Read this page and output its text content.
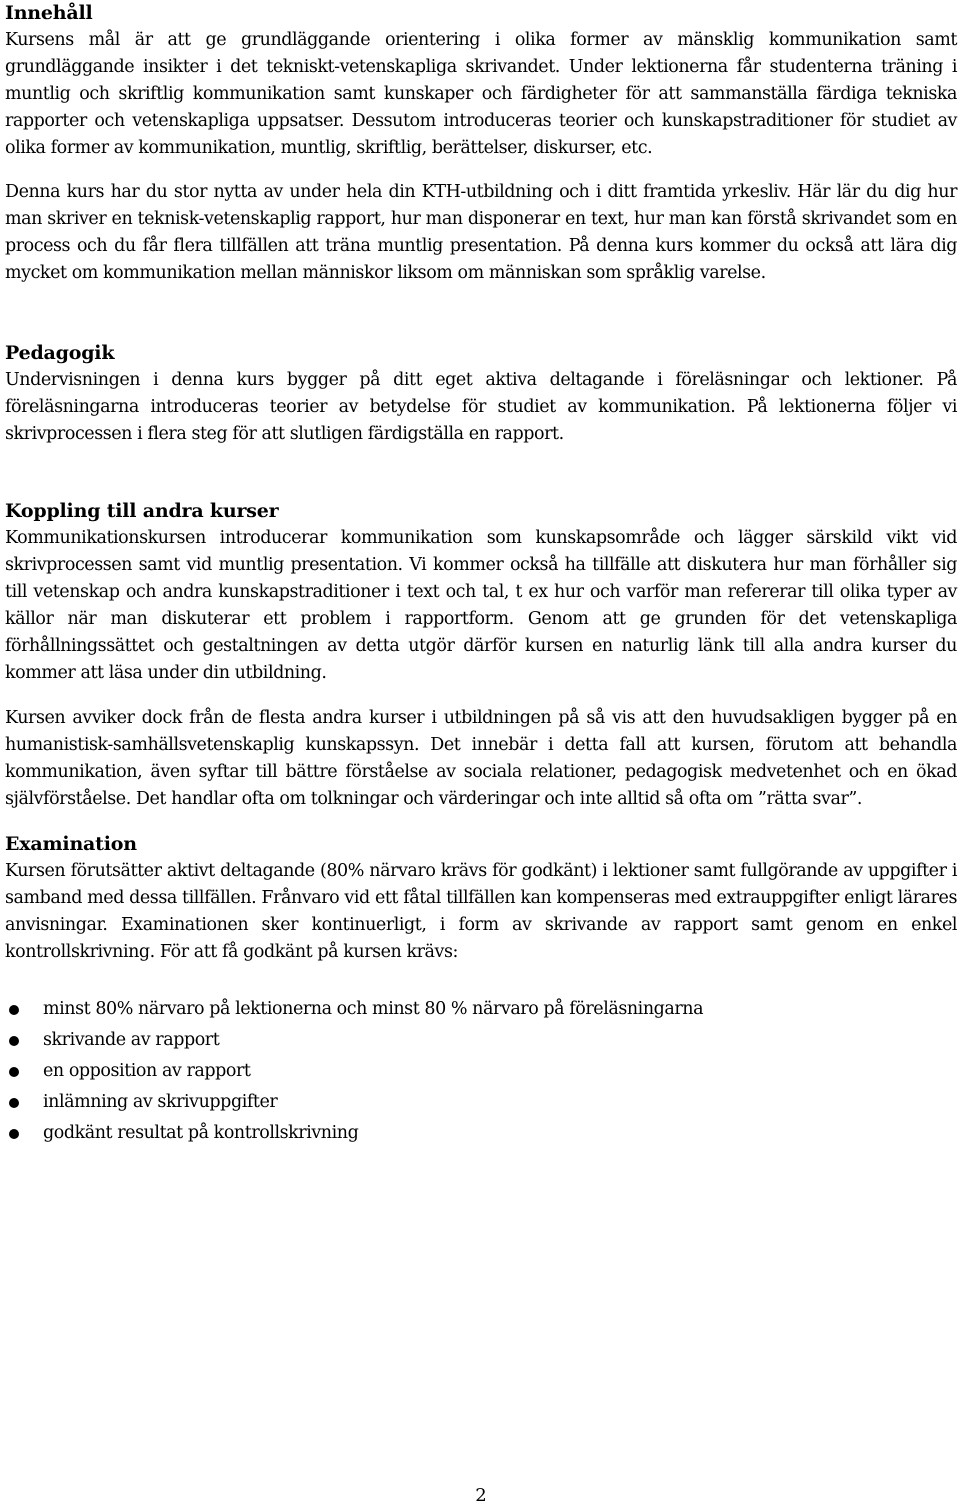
Innehåll

Kursens mål är att ge grundläggande orientering i olika former av mänsklig kommunikation samt grundläggande insikter i det tekniskt-vetenskapliga skrivandet. Under lektionerna får studenterna träning i muntlig och skriftlig kommunikation samt kunskaper och färdigheter för att sammanställa färdiga tekniska rapporter och vetenskapliga uppsatser. Dessutom introduceras teorier och kunskapstraditioner för studiet av olika former av kommunikation, muntlig, skriftlig, berättelser, diskurser, etc.

Denna kurs har du stor nytta av under hela din KTH-utbildning och i ditt framtida yrkesliv. Här lär du dig hur man skriver en teknisk-vetenskaplig rapport, hur man disponerar en text, hur man kan förstå skrivandet som en process och du får flera tillfällen att träna muntlig presentation. På denna kurs kommer du också att lära dig mycket om kommunikation mellan människor liksom om människan som språklig varelse.

Pedagogik

Undervisningen i denna kurs bygger på ditt eget aktiva deltagande i föreläsningar och lektioner. På föreläsningarna introduceras teorier av betydelse för studiet av kommunikation. På lektionerna följer vi skrivprocessen i flera steg för att slutligen färdigställa en rapport.

Koppling till andra kurser

Kommunikationskursen introducerar kommunikation som kunskapsområde och lägger särskild vikt vid skrivprocessen samt vid muntlig presentation. Vi kommer också ha tillfälle att diskutera hur man förhåller sig till vetenskap och andra kunskapstraditioner i text och tal, t ex hur och varför man refererar till olika typer av källor när man diskuterar ett problem i rapportform. Genom att ge grunden för det vetenskapliga förhållningssättet och gestaltningen av detta utgör därför kursen en naturlig länk till alla andra kurser du kommer att läsa under din utbildning.

Kursen avviker dock från de flesta andra kurser i utbildningen på så vis att den huvudsakligen bygger på en humanistisk-samhällsvetenskaplig kunskapssyn. Det innebär i detta fall att kursen, förutom att behandla kommunikation, även syftar till bättre förståelse av sociala relationer, pedagogisk medvetenhet och en ökad självförståelse. Det handlar ofta om tolkningar och värderingar och inte alltid så ofta om ”rätta svar”.

Examination

Kursen förutsätter aktivt deltagande (80% närvaro krävs för godkänt) i lektioner samt fullgörande av uppgifter i samband med dessa tillfällen. Frånvaro vid ett fåtal tillfällen kan kompenseras med extrauppgifter enligt lärares anvisningar. Examinationen sker kontinuerligt, i form av skrivande av rapport samt genom en enkel kontrollskrivning. För att få godkänt på kursen krävs:

minst 80% närvaro på lektionerna och minst 80 % närvaro på föreläsningarna
skrivande av rapport
en opposition av rapport
inlämning av skrivuppgifter
godkänt resultat på kontrollskrivning
2
